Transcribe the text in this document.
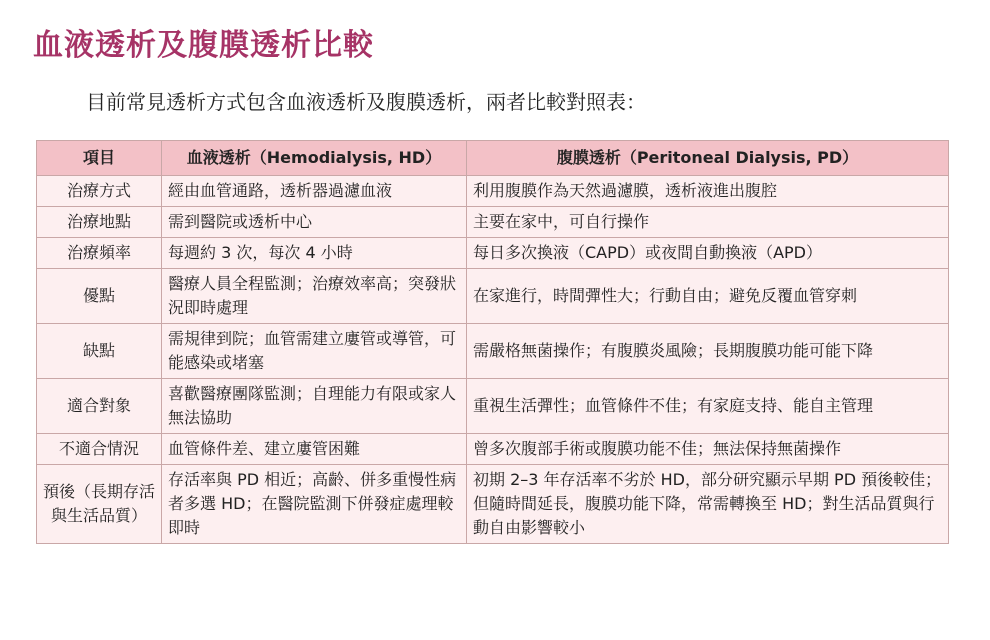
血液透析及腹膜透析比較
目前常見透析方式包含血液透析及腹膜透析，兩者比較對照表：
項目	血液透析（Hemodialysis, HD）	腹膜透析（Peritoneal Dialysis, PD）
治療方式	經由血管通路，透析器過濾血液	利用腹膜作為天然過濾膜，透析液進出腹腔
治療地點	需到醫院或透析中心	主要在家中，可自行操作
治療頻率	每週約 3 次，每次 4 小時	每日多次換液（CAPD）或夜間自動換液（APD）
優點	醫療人員全程監測；治療效率高；突發狀況即時處理	在家進行，時間彈性大；行動自由；避免反覆血管穿刺
缺點	需規律到院；血管需建立廔管或導管，可能感染或堵塞	需嚴格無菌操作；有腹膜炎風險；長期腹膜功能可能下降
適合對象	喜歡醫療團隊監測；自理能力有限或家人無法協助	重視生活彈性；血管條件不佳；有家庭支持、能自主管理
不適合情況	血管條件差、建立廔管困難	曾多次腹部手術或腹膜功能不佳；無法保持無菌操作
預後（長期存活與生活品質）	存活率與 PD 相近；高齡、併多重慢性病者多選 HD；在醫院監測下併發症處理較即時	初期 2–3 年存活率不劣於 HD，部分研究顯示早期 PD 預後較佳；但隨時間延長，腹膜功能下降，常需轉換至 HD；對生活品質與行動自由影響較小
